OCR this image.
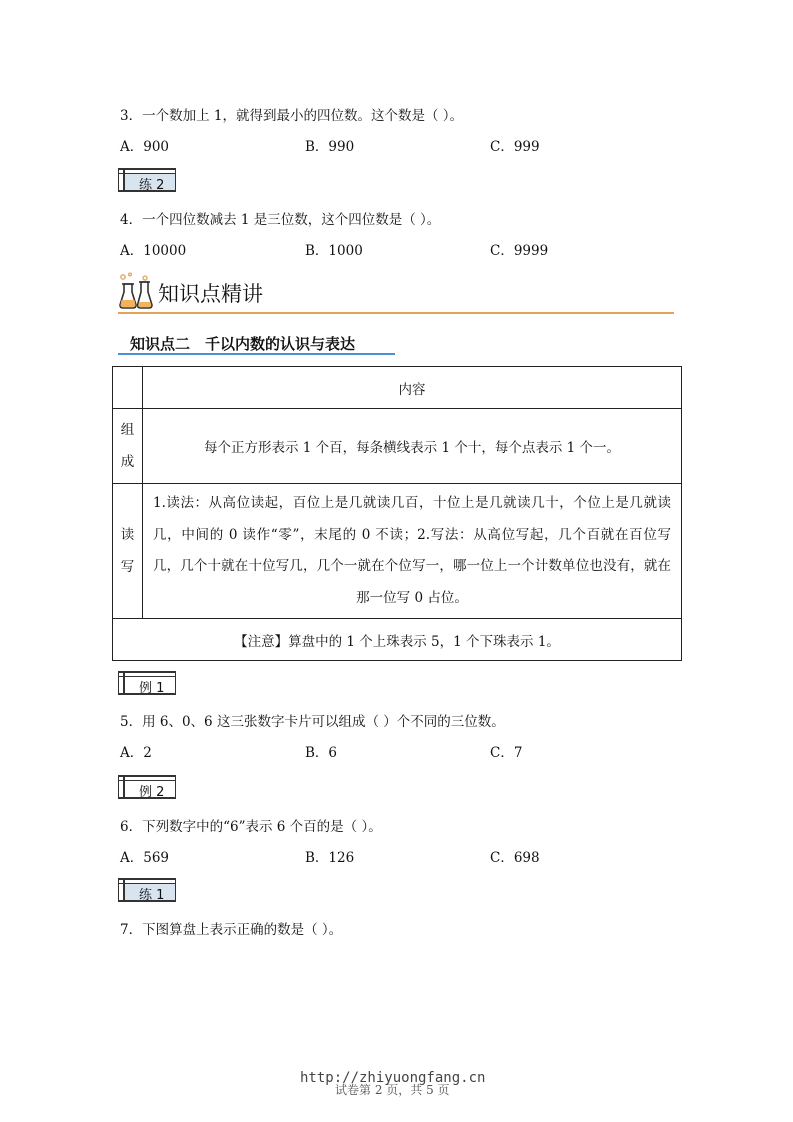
3．一个数加上 1，就得到最小的四位数。这个数是（ ）。
A．900	B．990	C．999
练 2
4．一个四位数减去 1 是三位数，这个四位数是（ ）。
A．10000	B．1000	C．9999
知识点精讲
知识点二　千以内数的认识与表达
	内容

组成	每个正方形表示 1 个百，每条横线表示 1 个十，每个点表示 1 个一。

读写	1.读法：从高位读起，百位上是几就读几百，十位上是几就读几十，个位上是几就读几，中间的 0 读作“零”，末尾的 0 不读；2.写法：从高位写起，几个百就在百位写几，几个十就在十位写几，几个一就在个位写一，哪一位上一个计数单位也没有，就在那一位写 0 占位。
【注意】算盘中的 1 个上珠表示 5，1 个下珠表示 1。	
例 1
5．用 6、0、6 这三张数字卡片可以组成（ ）个不同的三位数。
A．2	B．6	C．7
例 2
6．下列数字中的“6”表示 6 个百的是（ ）。
A．569	B．126	C．698
练 1
7．下图算盘上表示正确的数是（ ）。
试卷第 2 页，共 5 页
http://zhiyuongfang.cn
